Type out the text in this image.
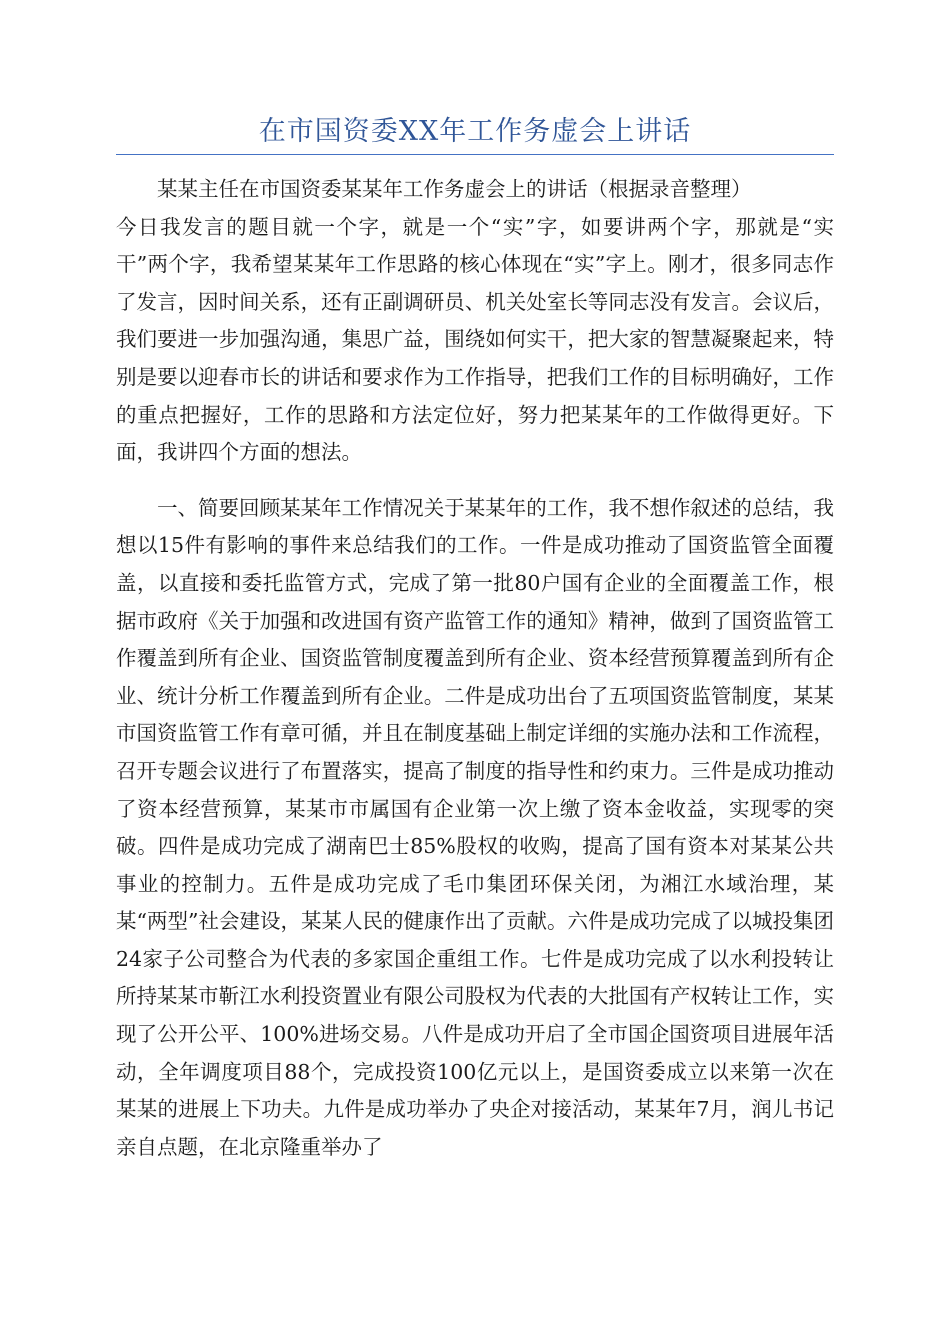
在市国资委XX年工作务虚会上讲话

某某主任在市国资委某某年工作务虚会上的讲话（根据录音整理）

今日我发言的题目就一个字，就是一个“实”字，如要讲两个字，那就是“实干”两个字，我希望某某年工作思路的核心体现在“实”字上。刚才，很多同志作了发言，因时间关系，还有正副调研员、机关处室长等同志没有发言。会议后，我们要进一步加强沟通，集思广益，围绕如何实干，把大家的智慧凝聚起来，特别是要以迎春市长的讲话和要求作为工作指导，把我们工作的目标明确好，工作的重点把握好，工作的思路和方法定位好，努力把某某年的工作做得更好。下面，我讲四个方面的想法。

一、简要回顾某某年工作情况关于某某年的工作，我不想作叙述的总结，我想以15件有影响的事件来总结我们的工作。一件是成功推动了国资监管全面覆盖，以直接和委托监管方式，完成了第一批80户国有企业的全面覆盖工作，根据市政府《关于加强和改进国有资产监管工作的通知》精神，做到了国资监管工作覆盖到所有企业、国资监管制度覆盖到所有企业、资本经营预算覆盖到所有企业、统计分析工作覆盖到所有企业。二件是成功出台了五项国资监管制度，某某市国资监管工作有章可循，并且在制度基础上制定详细的实施办法和工作流程，召开专题会议进行了布置落实，提高了制度的指导性和约束力。三件是成功推动了资本经营预算，某某市市属国有企业第一次上缴了资本金收益，实现零的突破。四件是成功完成了湖南巴士85%股权的收购，提高了国有资本对某某公共事业的控制力。五件是成功完成了毛巾集团环保关闭，为湘江水域治理，某某“两型”社会建设，某某人民的健康作出了贡献。六件是成功完成了以城投集团24家子公司整合为代表的多家国企重组工作。七件是成功完成了以水利投转让所持某某市靳江水利投资置业有限公司股权为代表的大批国有产权转让工作，实现了公开公平、100%进场交易。八件是成功开启了全市国企国资项目进展年活动，全年调度项目88个，完成投资100亿元以上，是国资委成立以来第一次在某某的进展上下功夫。九件是成功举办了央企对接活动，某某年7月，润儿书记亲自点题，在北京隆重举办了
